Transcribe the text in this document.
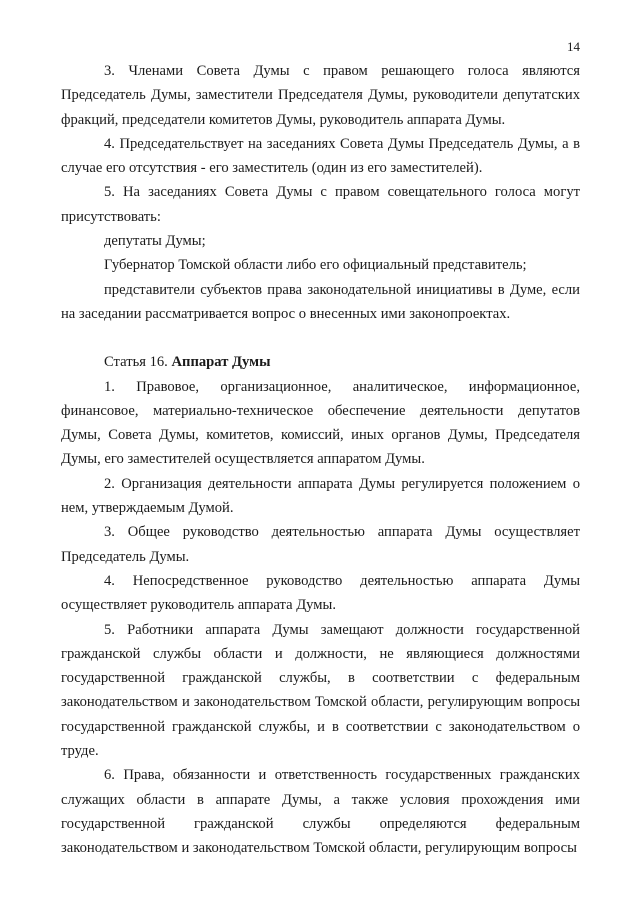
14

3. Членами Совета Думы с правом решающего голоса являются Председатель Думы, заместители Председателя Думы, руководители депутатских фракций, председатели комитетов Думы, руководитель аппарата Думы.

4. Председательствует на заседаниях Совета Думы Председатель Думы, а в случае его отсутствия - его заместитель (один из его заместителей).

5. На заседаниях Совета Думы с правом совещательного голоса могут присутствовать:

депутаты Думы;

Губернатор Томской области либо его официальный представитель;

представители субъектов права законодательной инициативы в Думе, если на заседании рассматривается вопрос о внесенных ими законопроектах.

Статья 16. Аппарат Думы

1. Правовое, организационное, аналитическое, информационное, финансовое, материально-техническое обеспечение деятельности депутатов Думы, Совета Думы, комитетов, комиссий, иных органов Думы, Председателя Думы, его заместителей осуществляется аппаратом Думы.

2. Организация деятельности аппарата Думы регулируется положением о нем, утверждаемым Думой.

3. Общее руководство деятельностью аппарата Думы осуществляет Председатель Думы.

4. Непосредственное руководство деятельностью аппарата Думы осуществляет руководитель аппарата Думы.

5. Работники аппарата Думы замещают должности государственной гражданской службы области и должности, не являющиеся должностями государственной гражданской службы, в соответствии с федеральным законодательством и законодательством Томской области, регулирующим вопросы государственной гражданской службы, и в соответствии с законодательством о труде.

6. Права, обязанности и ответственность государственных гражданских служащих области в аппарате Думы, а также условия прохождения ими государственной гражданской службы определяются федеральным законодательством и законодательством Томской области, регулирующим вопросы
